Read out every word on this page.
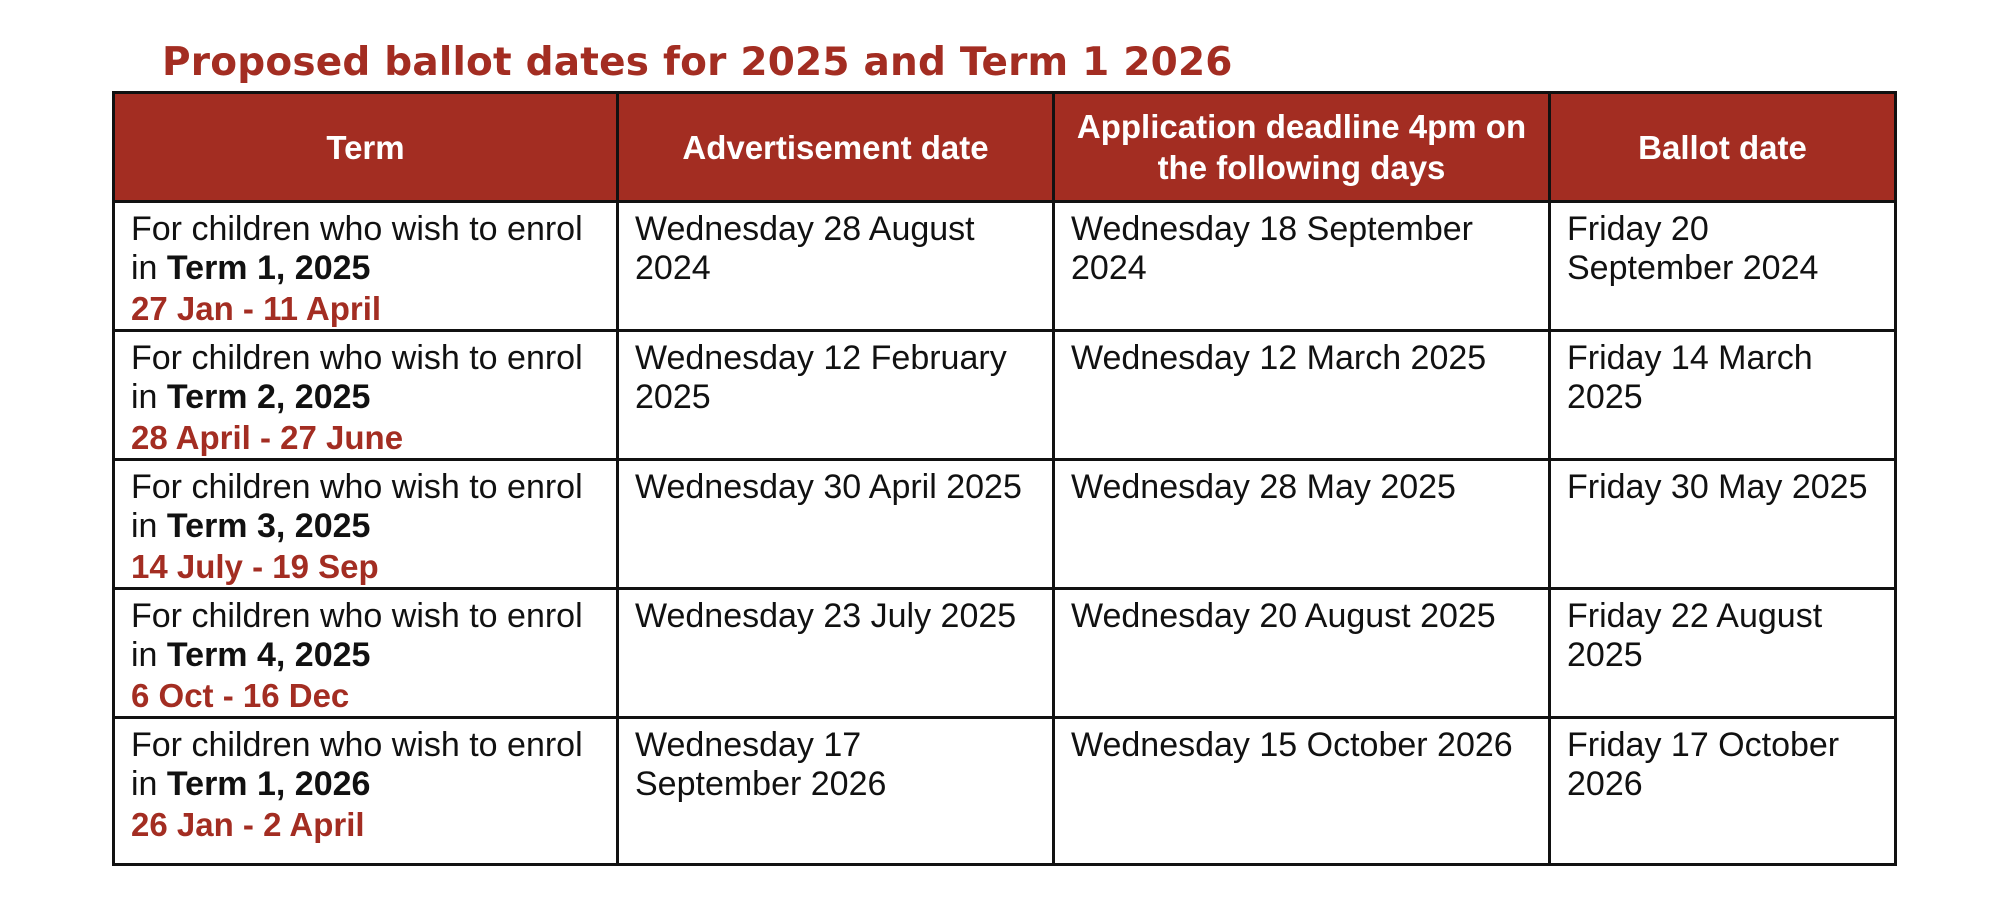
Proposed ballot dates for 2025 and Term 1 2026
Term	Advertisement date	Application deadline 4pm on the following days	Ballot date
For children who wish to enrol in Term 1, 2025
27 Jan - 11 April	Wednesday 28 August 2024	Wednesday 18 September 2024	Friday 20 September 2024
For children who wish to enrol in Term 2, 2025
28 April - 27 June	Wednesday 12 February 2025	Wednesday 12 March 2025	Friday 14 March 2025
For children who wish to enrol in Term 3, 2025
14 July - 19 Sep	Wednesday 30 April 2025	Wednesday 28 May 2025	Friday 30 May 2025
For children who wish to enrol in Term 4, 2025
6 Oct - 16 Dec	Wednesday 23 July 2025	Wednesday 20 August 2025	Friday 22 August 2025
For children who wish to enrol in Term 1, 2026
26 Jan - 2 April	Wednesday 17 September 2026	Wednesday 15 October 2026	Friday 17 October 2026
